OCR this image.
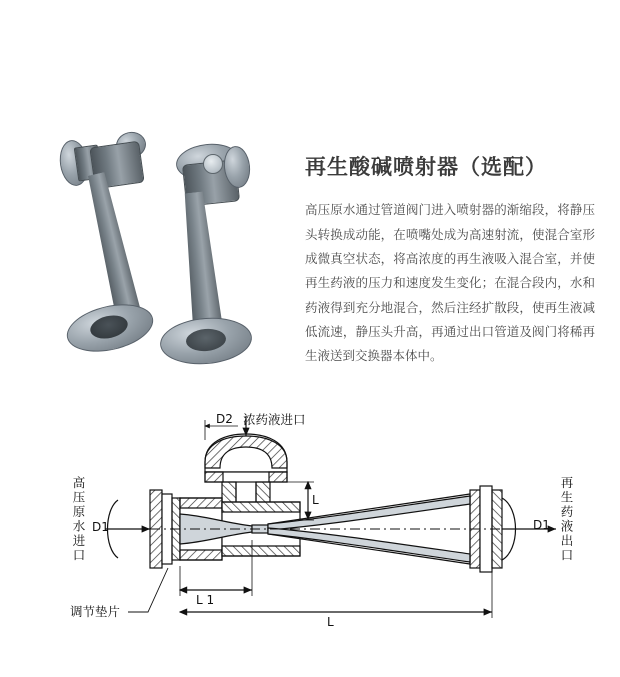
再生酸碱喷射器（选配）
高压原水通过管道阀门进入喷射器的渐缩段，将静压头转换成动能，在喷嘴处成为高速射流，使混合室形成微真空状态，将高浓度的再生液吸入混合室，并使再生药液的压力和速度发生变化；在混合段内，水和药液得到充分地混合，然后注经扩散段，使再生液减低流速，静压头升高，再通过出口管道及阀门将稀再生液送到交换器本体中。
D2 浓药液进口
高压原水进口 D1	再生药液出口
D1
调节垫片
L 1
L
L
